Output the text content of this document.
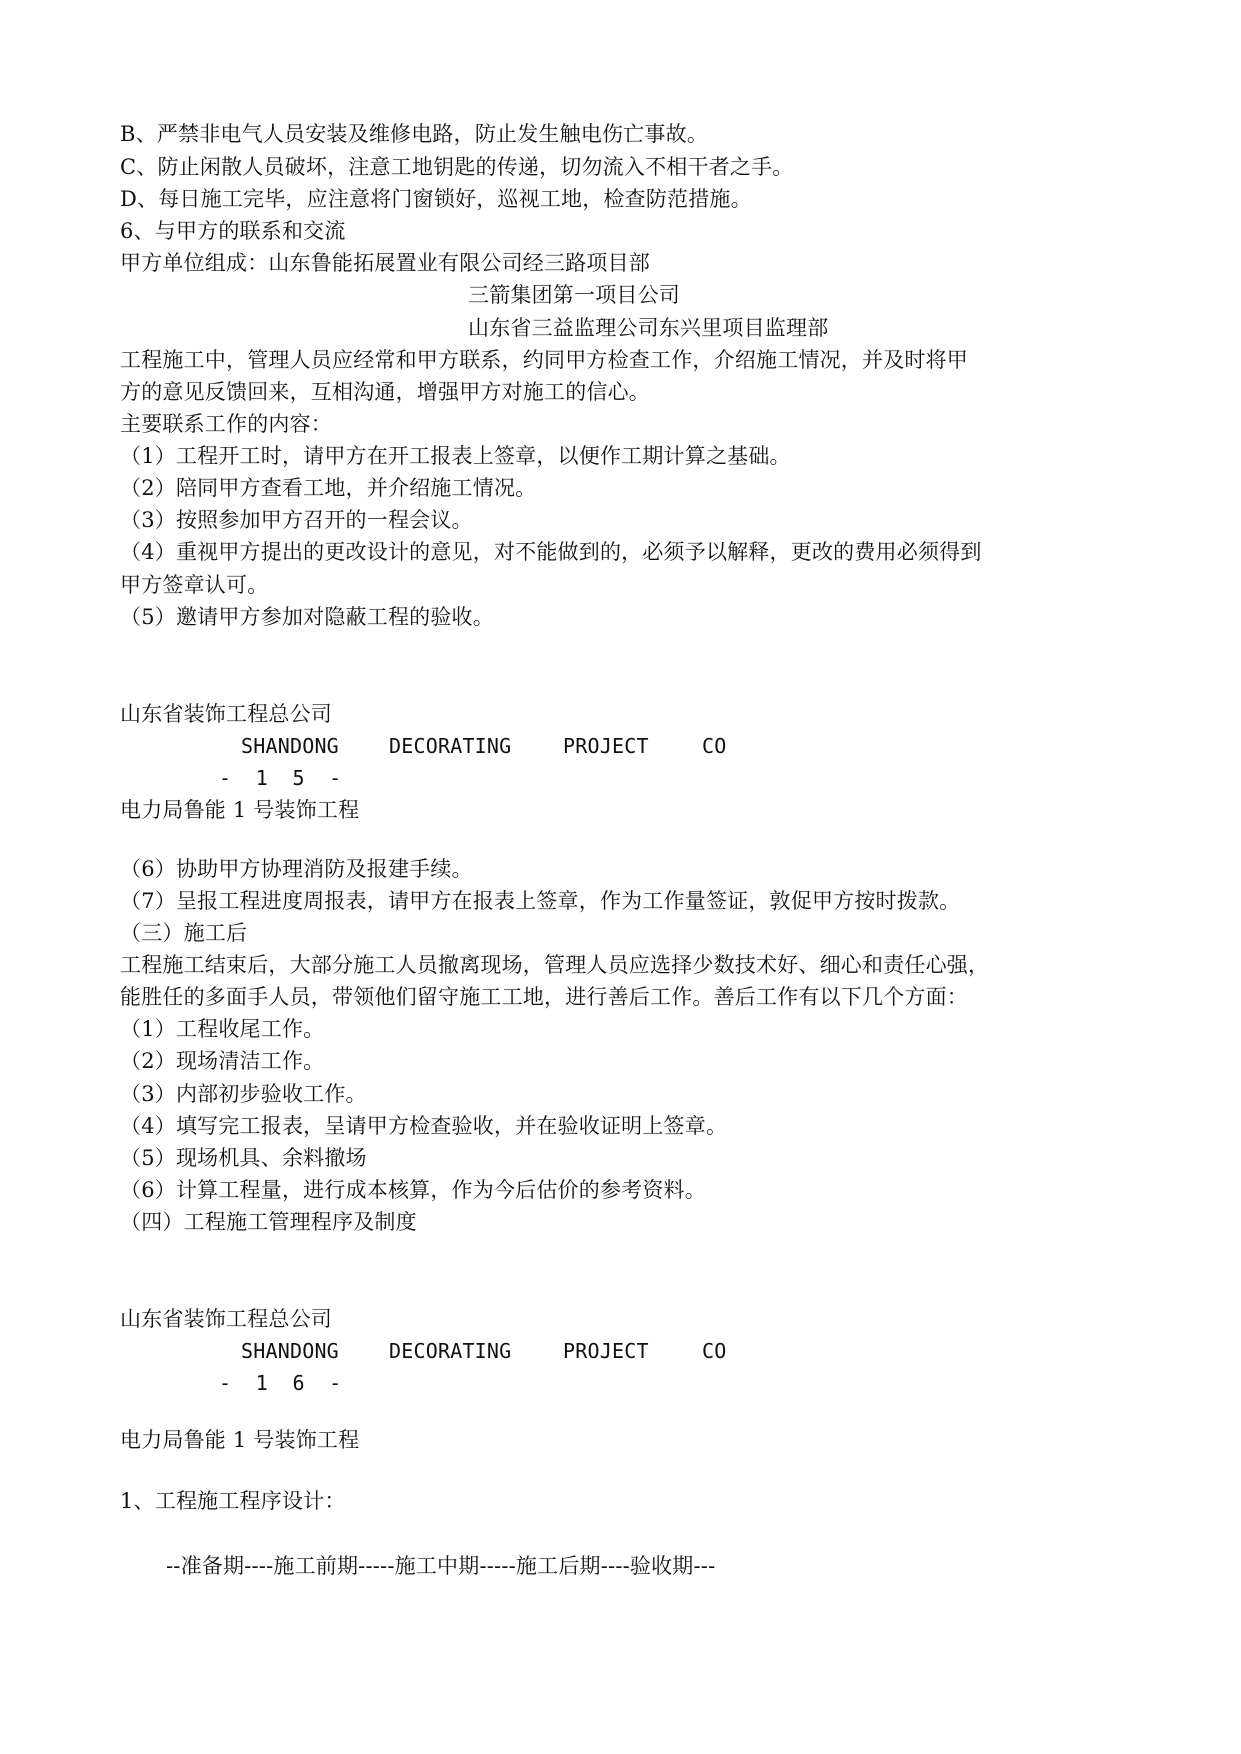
B、严禁非电气人员安装及维修电路，防止发生触电伤亡事故。
C、防止闲散人员破坏，注意工地钥匙的传递，切勿流入不相干者之手。
D、每日施工完毕，应注意将门窗锁好，巡视工地，检查防范措施。
6、与甲方的联系和交流
甲方单位组成：山东鲁能拓展置业有限公司经三路项目部
三箭集团第一项目公司
山东省三益监理公司东兴里项目监理部
工程施工中，管理人员应经常和甲方联系，约同甲方检查工作，介绍施工情况，并及时将甲
方的意见反馈回来，互相沟通，增强甲方对施工的信心。
主要联系工作的内容：
（1）工程开工时，请甲方在开工报表上签章，以便作工期计算之基础。
（2）陪同甲方查看工地，并介绍施工情况。
（3）按照参加甲方召开的一程会议。
（4）重视甲方提出的更改设计的意见，对不能做到的，必须予以解释，更改的费用必须得到
甲方签章认可。
（5）邀请甲方参加对隐蔽工程的验收。
山东省装饰工程总公司

SHANDONG

	DECORATING

	PROJECT

	CO

-  1  5  -
电力局鲁能 1 号装饰工程
（6）协助甲方协理消防及报建手续。
（7）呈报工程进度周报表，请甲方在报表上签章，作为工作量签证，敦促甲方按时拨款。
（三）施工后
工程施工结束后，大部分施工人员撤离现场，管理人员应选择少数技术好、细心和责任心强，
能胜任的多面手人员，带领他们留守施工工地，进行善后工作。善后工作有以下几个方面：
（1）工程收尾工作。
（2）现场清洁工作。
（3）内部初步验收工作。
（4）填写完工报表，呈请甲方检查验收，并在验收证明上签章。
（5）现场机具、余料撤场
（6）计算工程量，进行成本核算，作为今后估价的参考资料。
（四）工程施工管理程序及制度
山东省装饰工程总公司

SHANDONG

	DECORATING

	PROJECT

	CO

-  1  6  -
电力局鲁能 1 号装饰工程
1、工程施工程序设计：
--准备期----施工前期-----施工中期-----施工后期----验收期---
